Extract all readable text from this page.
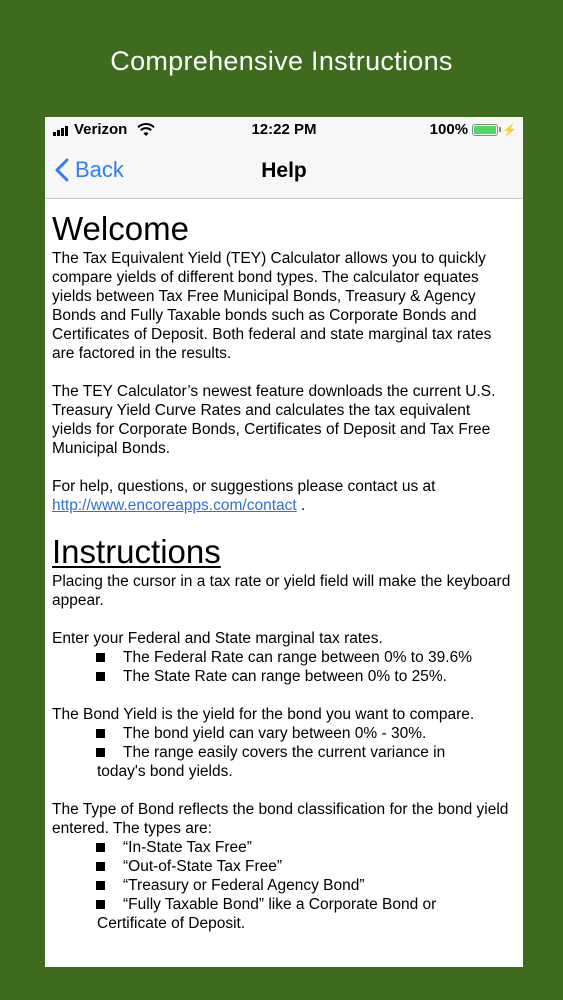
Comprehensive Instructions
Verizon	12:22 PM	100%	⚡
Back	Help
Welcome

The Tax Equivalent Yield (TEY) Calculator allows you to quickly compare yields of different bond types. The calculator equates yields between Tax Free Municipal Bonds, Treasury & Agency Bonds and Fully Taxable bonds such as Corporate Bonds and Certificates of Deposit. Both federal and state marginal tax rates are factored in the results.

The TEY Calculator’s newest feature downloads the current U.S. Treasury Yield Curve Rates and calculates the tax equivalent yields for Corporate Bonds, Certificates of Deposit and Tax Free Municipal Bonds.

For help, questions, or suggestions please contact us at http://www.encoreapps.com/contact .

Instructions

Placing the cursor in a tax rate or yield field will make the keyboard appear.

Enter your Federal and State marginal tax rates.
The Federal Rate can range between 0% to 39.6%
The State Rate can range between 0% to 25%.
The Bond Yield is the yield for the bond you want to compare.
The bond yield can vary between 0% - 30%.
The range easily covers the current variance in
today's bond yields.
The Type of Bond reflects the bond classification for the bond yield entered. The types are:
“In-State Tax Free”
“Out-of-State Tax Free”
“Treasury or Federal Agency Bond”
“Fully Taxable Bond” like a Corporate Bond or
Certificate of Deposit.
